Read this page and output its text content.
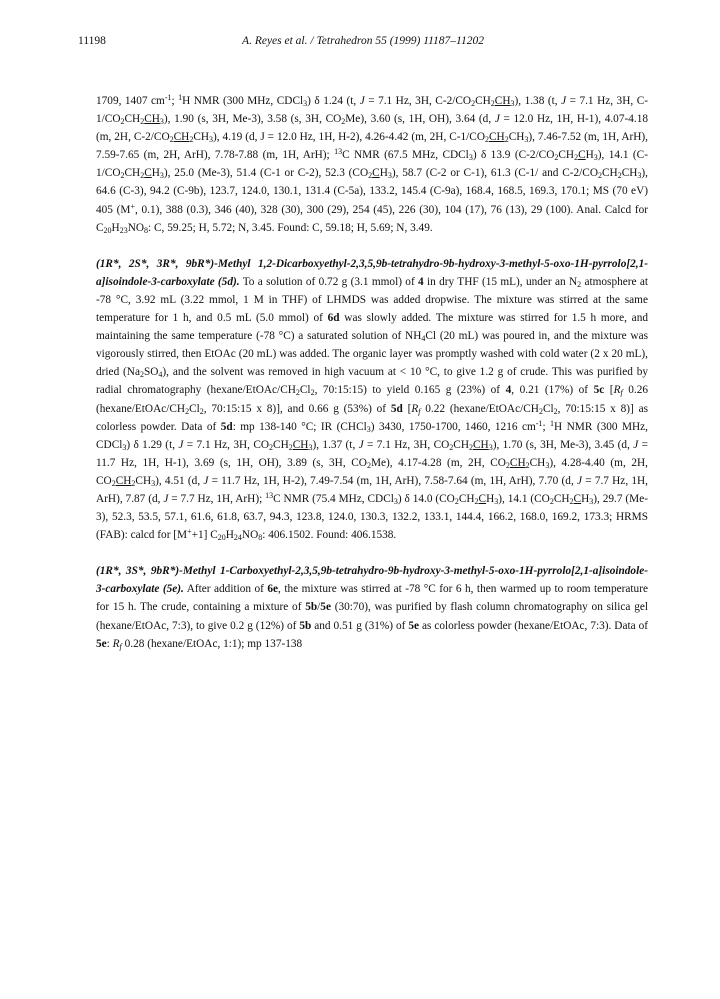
11198	A. Reyes et al. / Tetrahedron 55 (1999) 11187–11202

1709, 1407 $cm^{-1}$; $^1$H NMR (300 MHz, CDCl$_3$) δ 1.24 (t, J = 7.1 Hz, 3H, $C-2/CO_2CH_2CH_3$), 1.38 (t, J = 7.1 Hz, 3H, $C-1/CO_2CH_2CH_3$), 1.90 (s, 3H, Me-3), 3.58 (s, 3H, $CO_2Me$), 3.60 (s, 1H, OH), 3.64 (d, J = 12.0 Hz, 1H, H-1), 4.07-4.18 (m, 2H, $C-2/CO_2CH_2CH_3$), 4.19 (d, J = 12.0 Hz, 1H, H-2), 4.26-4.42 (m, 2H, $C-1/CO_2CH_2CH_3$), 7.46-7.52 (m, 1H, ArH), 7.59-7.65 (m, 2H, ArH), 7.78-7.88 (m, 1H, ArH); $^{13}$C NMR (67.5 MHz, CDCl$_3$) δ 13.9 $(C-2/CO_2CH_2CH_3)$, 14.1 $(C-1/CO_2CH_2CH_3)$, 25.0 (Me-3), 51.4 (C-1 or C-2), 52.3 $(CO_2CH_3)$, 58.7 (C-2 or C-1), 61.3 (C-1/ and $C-2/CO_2CH_2CH_3$), 64.6 (C-3), 94.2 (C-9b), 123.7, 124.0, 130.1, 131.4 (C-5a), 133.2, 145.4 (C-9a), 168.4, 168.5, 169.3, 170.1; MS (70 eV) 405 (M+, 0.1), 388 (0.3), 346 (40), 328 (30), 300 (29), 254 (45), 226 (30), 104 (17), 76 (13), 29 (100). Anal. Calcd for $C_{20}H_{23}NO_8$: C, 59.25; H, 5.72; N, 3.45. Found: C, 59.18; H, 5.69; N, 3.49.

(1R*, 2S*, 3R*, 9bR*)-Methyl 1,2-Dicarboxyethyl-2,3,5,9b-tetrahydro-9b-hydroxy-3-methyl-5-oxo-1H-pyrrolo[2,1-a]isoindole-3-carboxylate (5d). To a solution of 0.72 g (3.1 mmol) of 4 in dry THF (15 mL), under an $N_2$ atmosphere at -78 °C, 3.92 mL (3.22 mmol, 1 M in THF) of LHMDS was added dropwise. The mixture was stirred at the same temperature for 1 h, and 0.5 mL (5.0 mmol) of 6d was slowly added. The mixture was stirred for 1.5 h more, and maintaining the same temperature (-78 °C) a saturated solution of $NH_4Cl$ (20 mL) was poured in, and the mixture was vigorously stirred, then EtOAc (20 mL) was added. The organic layer was promptly washed with cold water (2 x 20 mL), dried $(Na_2SO_4)$, and the solvent was removed in high vacuum at < 10 °C, to give 1.2 g of crude. This was purified by radial chromatography ($hexane/EtOAc/CH_2Cl_2$, 70:15:15) to yield 0.165 g (23%) of 4, 0.21 (17%) of 5c [$R_f$ 0.26 ($hexane/EtOAc/CH_2Cl_2$, 70:15:15 x 8)], and 0.66 g (53%) of 5d [$R_f$ 0.22 ($hexane/EtOAc/CH_2Cl_2$, 70:15:15 x 8)] as colorless powder. Data of 5d: mp 138-140 °C; IR (CHCl$_3$) 3430, 1750-1700, 1460, 1216 $cm^{-1}$; $^1$H NMR (300 MHz, CDCl$_3$) δ 1.29 (t, J = 7.1 Hz, 3H, $CO_2CH_2CH_3$), 1.37 (t, J = 7.1 Hz, 3H, $CO_2CH_2CH_3$), 1.70 (s, 3H, Me-3), 3.45 (d, J = 11.7 Hz, 1H, H-1), 3.69 (s, 1H, OH), 3.89 (s, 3H, $CO_2Me$), 4.17-4.28 (m, 2H, $CO_2CH_2CH_3$), 4.28-4.40 (m, 2H, $CO_2CH_2CH_3$), 4.51 (d, J = 11.7 Hz, 1H, H-2), 7.49-7.54 (m, 1H, ArH), 7.58-7.64 (m, 1H, ArH), 7.70 (d, J = 7.7 Hz, 1H, ArH), 7.87 (d, J = 7.7 Hz, 1H, ArH); $^{13}$C NMR (75.4 MHz, CDCl$_3$) δ 14.0 $(CO_2CH_2CH_3)$, 14.1 $(CO_2CH_2CH_3)$, 29.7 (Me-3), 52.3, 53.5, 57.1, 61.6, 61.8, 63.7, 94.3, 123.8, 124.0, 130.3, 132.2, 133.1, 144.4, 166.2, 168.0, 169.2, 173.3; HRMS (FAB): calcd for [M++1] $C_{20}H_{24}NO_8$: 406.1502. Found: 406.1538.

(1R*, 3S*, 9bR*)-Methyl 1-Carboxyethyl-2,3,5,9b-tetrahydro-9b-hydroxy-3-methyl-5-oxo-1H-pyrrolo[2,1-a]isoindole-3-carboxylate (5e). After addition of 6e, the mixture was stirred at -78 °C for 6 h, then warmed up to room temperature for 15 h. The crude, containing a mixture of 5b/5e (30:70), was purified by flash column chromatography on silica gel (hexane/EtOAc, 7:3), to give 0.2 g (12%) of 5b and 0.51 g (31%) of 5e as colorless powder (hexane/EtOAc, 7:3). Data of 5e: $R_f$ 0.28 (hexane/EtOAc, 1:1); mp 137-138
